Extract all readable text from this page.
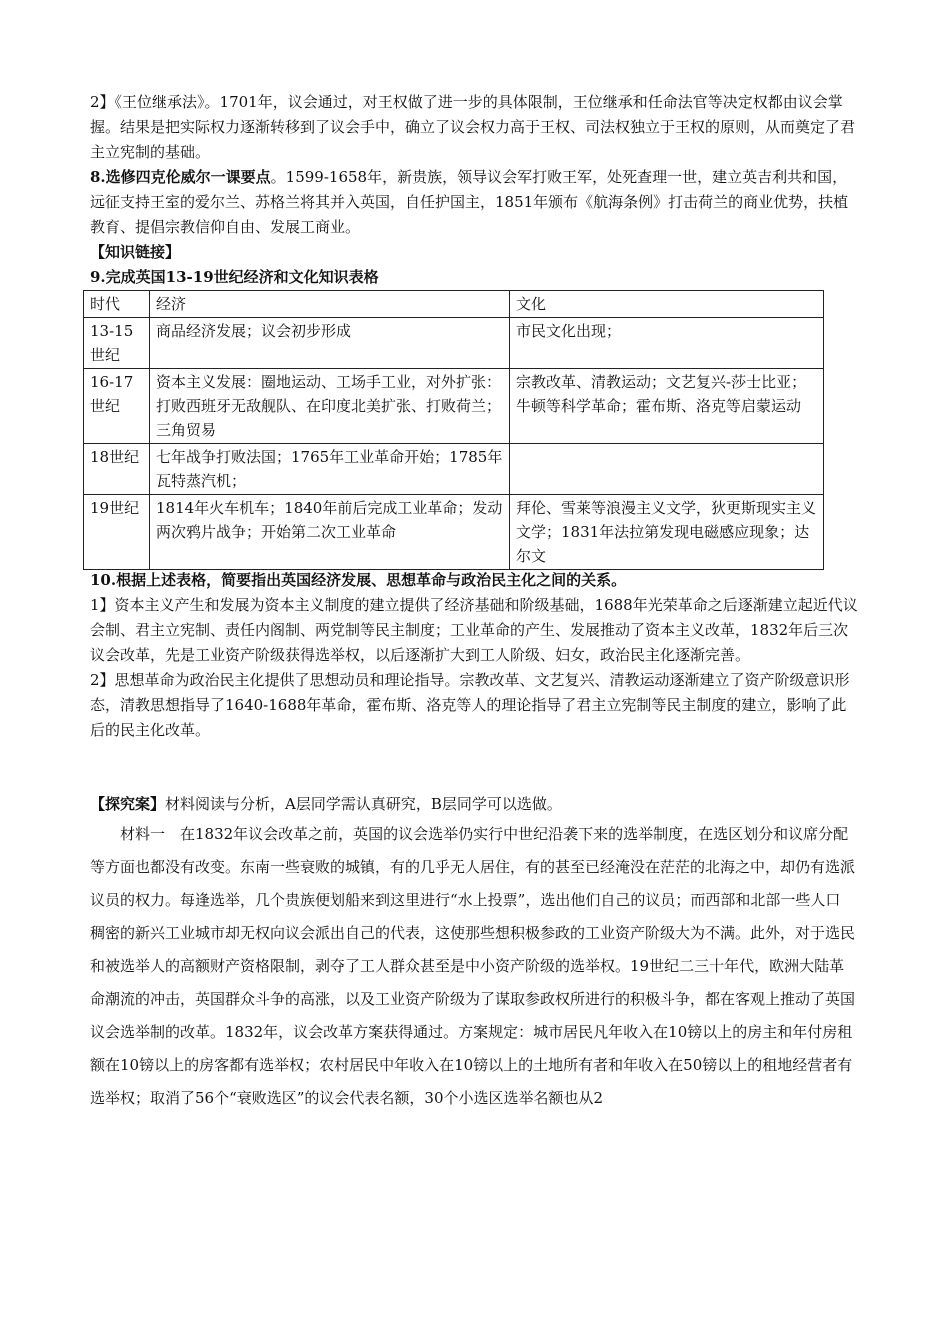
2】《王位继承法》。1701年，议会通过，对王权做了进一步的具体限制，王位继承和任命法官等决定权都由议会掌握。结果是把实际权力逐渐转移到了议会手中，确立了议会权力高于王权、司法权独立于王权的原则，从而奠定了君主立宪制的基础。

8.选修四克伦威尔一课要点。1599-1658年，新贵族，领导议会军打败王军，处死查理一世，建立英吉利共和国，远征支持王室的爱尔兰、苏格兰将其并入英国，自任护国主，1851年颁布《航海条例》打击荷兰的商业优势，扶植教育、提倡宗教信仰自由、发展工商业。

【知识链接】

9.完成英国13-19世纪经济和文化知识表格

时代	经济	文化
13-15世纪	商品经济发展；议会初步形成	市民文化出现；
16-17世纪	资本主义发展：圈地运动、工场手工业，对外扩张：打败西班牙无敌舰队、在印度北美扩张、打败荷兰；三角贸易	宗教改革、清教运动；文艺复兴-莎士比亚；牛顿等科学革命；霍布斯、洛克等启蒙运动
18世纪	七年战争打败法国；1765年工业革命开始；1785年瓦特蒸汽机；	
19世纪	1814年火车机车；1840年前后完成工业革命；发动两次鸦片战争；开始第二次工业革命	拜伦、雪莱等浪漫主义文学，狄更斯现实主义文学；1831年法拉第发现电磁感应现象；达尔文

10.根据上述表格，简要指出英国经济发展、思想革命与政治民主化之间的关系。

1】资本主义产生和发展为资本主义制度的建立提供了经济基础和阶级基础，1688年光荣革命之后逐渐建立起近代议会制、君主立宪制、责任内阁制、两党制等民主制度；工业革命的产生、发展推动了资本主义改革，1832年后三次议会改革，先是工业资产阶级获得选举权，以后逐渐扩大到工人阶级、妇女，政治民主化逐渐完善。

2】思想革命为政治民主化提供了思想动员和理论指导。宗教改革、文艺复兴、清教运动逐渐建立了资产阶级意识形态，清教思想指导了1640-1688年革命，霍布斯、洛克等人的理论指导了君主立宪制等民主制度的建立，影响了此后的民主化改革。

【探究案】材料阅读与分析，A层同学需认真研究，B层同学可以选做。

材料一　在1832年议会改革之前，英国的议会选举仍实行中世纪沿袭下来的选举制度，在选区划分和议席分配等方面也都没有改变。东南一些衰败的城镇，有的几乎无人居住，有的甚至已经淹没在茫茫的北海之中，却仍有选派议员的权力。每逢选举，几个贵族便划船来到这里进行“水上投票”，选出他们自己的议员；而西部和北部一些人口稠密的新兴工业城市却无权向议会派出自己的代表，这使那些想积极参政的工业资产阶级大为不满。此外，对于选民和被选举人的高额财产资格限制，剥夺了工人群众甚至是中小资产阶级的选举权。19世纪二三十年代，欧洲大陆革命潮流的冲击，英国群众斗争的高涨，以及工业资产阶级为了谋取参政权所进行的积极斗争，都在客观上推动了英国议会选举制的改革。1832年，议会改革方案获得通过。方案规定：城市居民凡年收入在10镑以上的房主和年付房租额在10镑以上的房客都有选举权；农村居民中年收入在10镑以上的土地所有者和年收入在50镑以上的租地经营者有选举权；取消了56个“衰败选区”的议会代表名额，30个小选区选举名额也从2
